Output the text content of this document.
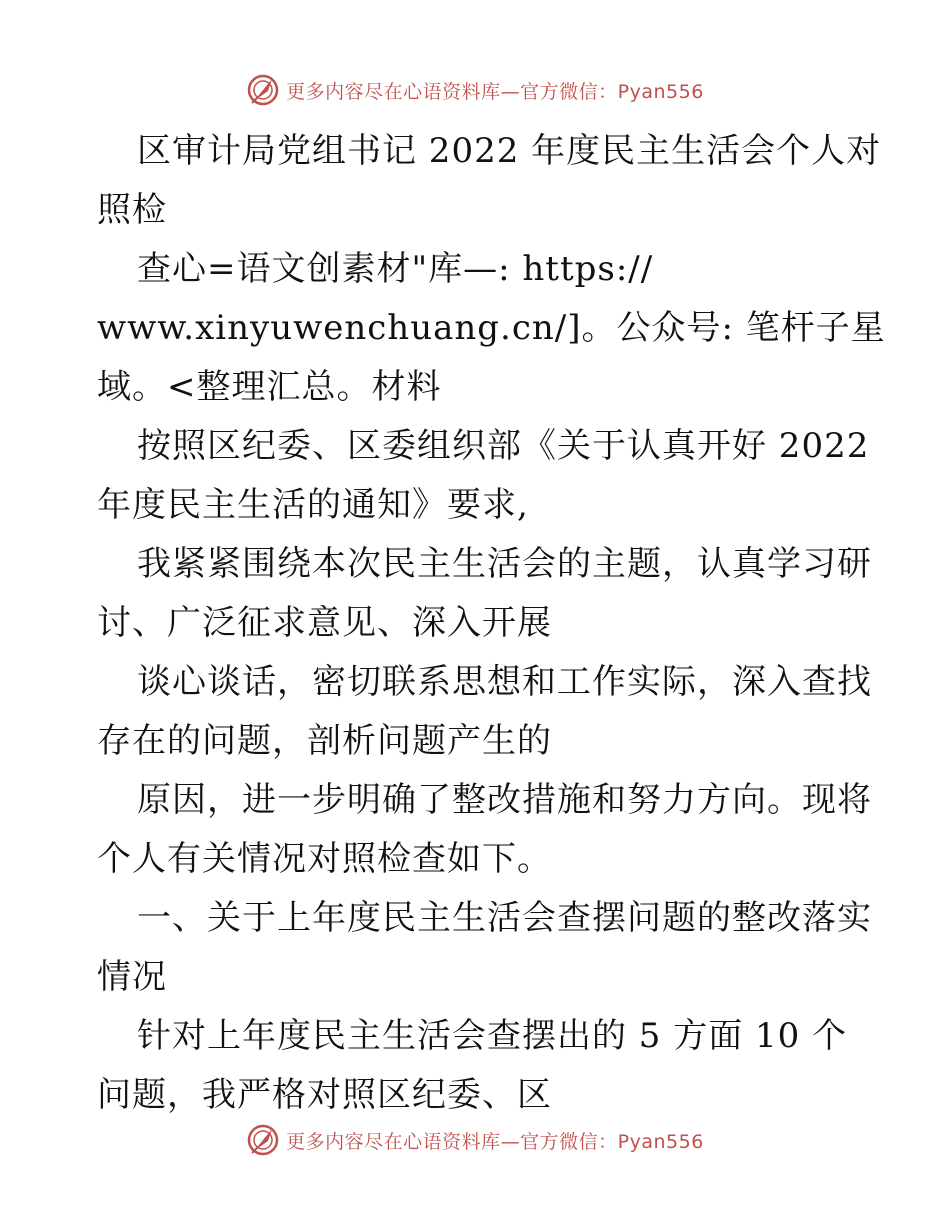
更多内容尽在心语资料库—官方微信：Pyan556
区审计局党组书记 2022 年度民主生活会个人对
照检
查心=语文创素材"库—: https://
www.xinyuwenchuang.cn/]。公众号: 笔杆子星
域。<整理汇总。材料
按照区纪委、区委组织部《关于认真开好 2022
年度民主生活的通知》要求,
我紧紧围绕本次民主生活会的主题，认真学习研
讨、广泛征求意见、深入开展
谈心谈话，密切联系思想和工作实际，深入查找
存在的问题，剖析问题产生的
原因，进一步明确了整改措施和努力方向。现将
个人有关情况对照检查如下。
一、关于上年度民主生活会查摆问题的整改落实
情况
针对上年度民主生活会查摆出的 5 方面 10 个
问题，我严格对照区纪委、区
更多内容尽在心语资料库—官方微信：Pyan556
